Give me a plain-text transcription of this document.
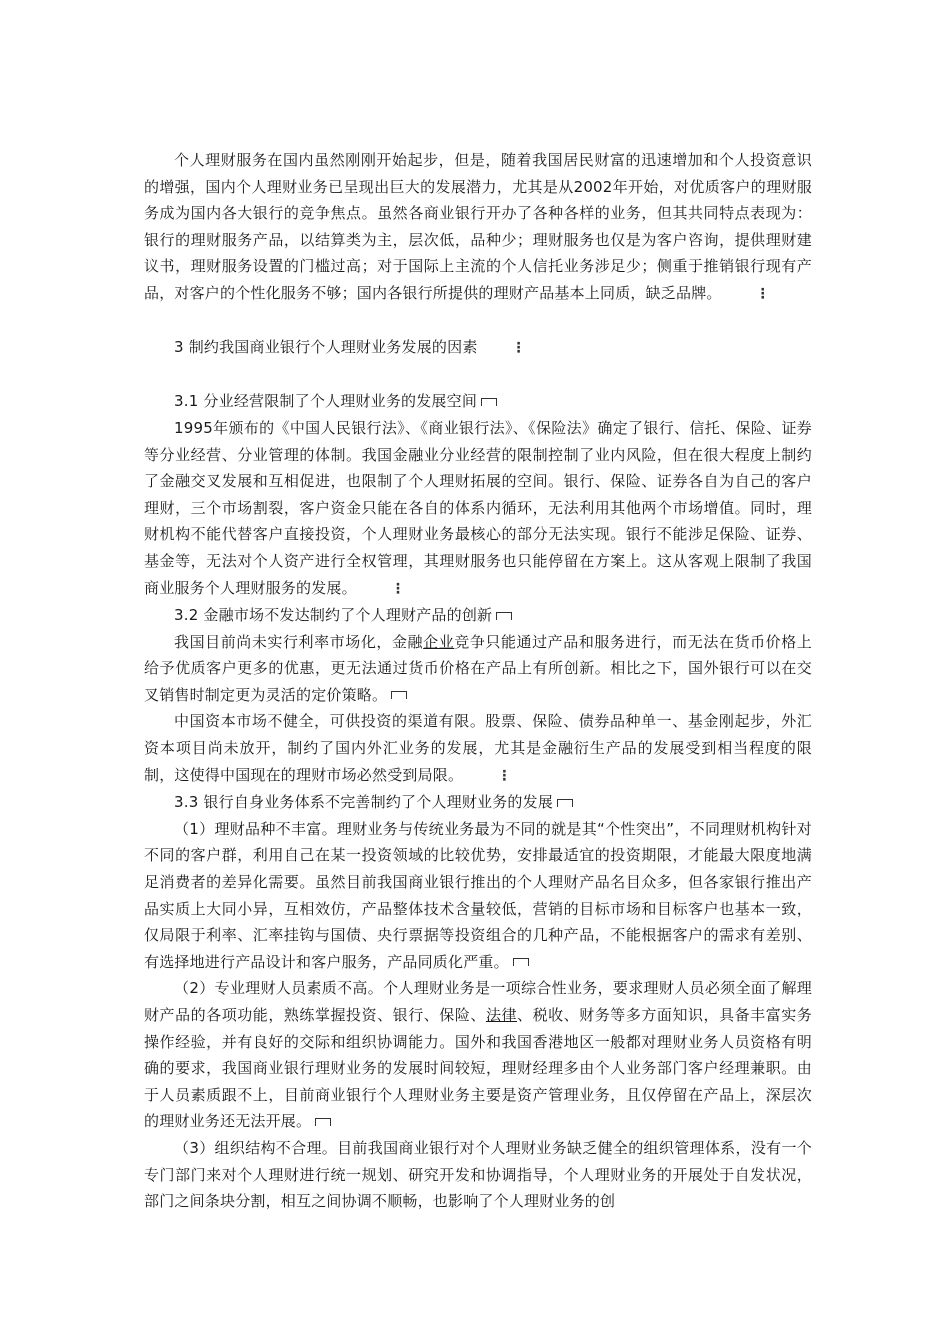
个人理财服务在国内虽然刚刚开始起步，但是，随着我国居民财富的迅速增加和个人投资意识的增强，国内个人理财业务已呈现出巨大的发展潜力，尤其是从2002年开始，对优质客户的理财服务成为国内各大银行的竞争焦点。虽然各商业银行开办了各种各样的业务，但其共同特点表现为：银行的理财服务产品，以结算类为主，层次低，品种少；理财服务也仅是为客户咨询，提供理财建议书，理财服务设置的门槛过高；对于国际上主流的个人信托业务涉足少；侧重于推销银行现有产品，对客户的个性化服务不够；国内各银行所提供的理财产品基本上同质，缺乏品牌。 ⋮

3 制约我国商业银行个人理财业务发展的因素 ⋮

3.1 分业经营限制了个人理财业务的发展空间

1995年颁布的《中国人民银行法》、《商业银行法》、《保险法》确定了银行、信托、保险、证券等分业经营、分业管理的体制。我国金融业分业经营的限制控制了业内风险，但在很大程度上制约了金融交叉发展和互相促进，也限制了个人理财拓展的空间。银行、保险、证券各自为自己的客户理财，三个市场割裂，客户资金只能在各自的体系内循环，无法利用其他两个市场增值。同时，理财机构不能代替客户直接投资，个人理财业务最核心的部分无法实现。银行不能涉足保险、证券、基金等，无法对个人资产进行全权管理，其理财服务也只能停留在方案上。这从客观上限制了我国商业服务个人理财服务的发展。 ⋮

3.2 金融市场不发达制约了个人理财产品的创新

我国目前尚未实行利率市场化，金融企业竞争只能通过产品和服务进行，而无法在货币价格上给予优质客户更多的优惠，更无法通过货币价格在产品上有所创新。相比之下，国外银行可以在交叉销售时制定更为灵活的定价策略。

中国资本市场不健全，可供投资的渠道有限。股票、保险、债券品种单一、基金刚起步，外汇资本项目尚未放开，制约了国内外汇业务的发展，尤其是金融衍生产品的发展受到相当程度的限制，这使得中国现在的理财市场必然受到局限。 ⋮

3.3 银行自身业务体系不完善制约了个人理财业务的发展

（1）理财品种不丰富。理财业务与传统业务最为不同的就是其“个性突出”，不同理财机构针对不同的客户群，利用自己在某一投资领域的比较优势，安排最适宜的投资期限，才能最大限度地满足消费者的差异化需要。虽然目前我国商业银行推出的个人理财产品名目众多，但各家银行推出产品实质上大同小异，互相效仿，产品整体技术含量较低，营销的目标市场和目标客户也基本一致，仅局限于利率、汇率挂钩与国债、央行票据等投资组合的几种产品，不能根据客户的需求有差别、有选择地进行产品设计和客户服务，产品同质化严重。

（2）专业理财人员素质不高。个人理财业务是一项综合性业务，要求理财人员必须全面了解理财产品的各项功能，熟练掌握投资、银行、保险、法律、税收、财务等多方面知识，具备丰富实务操作经验，并有良好的交际和组织协调能力。国外和我国香港地区一般都对理财业务人员资格有明确的要求，我国商业银行理财业务的发展时间较短，理财经理多由个人业务部门客户经理兼职。由于人员素质跟不上，目前商业银行个人理财业务主要是资产管理业务，且仅停留在产品上，深层次的理财业务还无法开展。

（3）组织结构不合理。目前我国商业银行对个人理财业务缺乏健全的组织管理体系，没有一个专门部门来对个人理财进行统一规划、研究开发和协调指导，个人理财业务的开展处于自发状况，部门之间条块分割，相互之间协调不顺畅，也影响了个人理财业务的创
